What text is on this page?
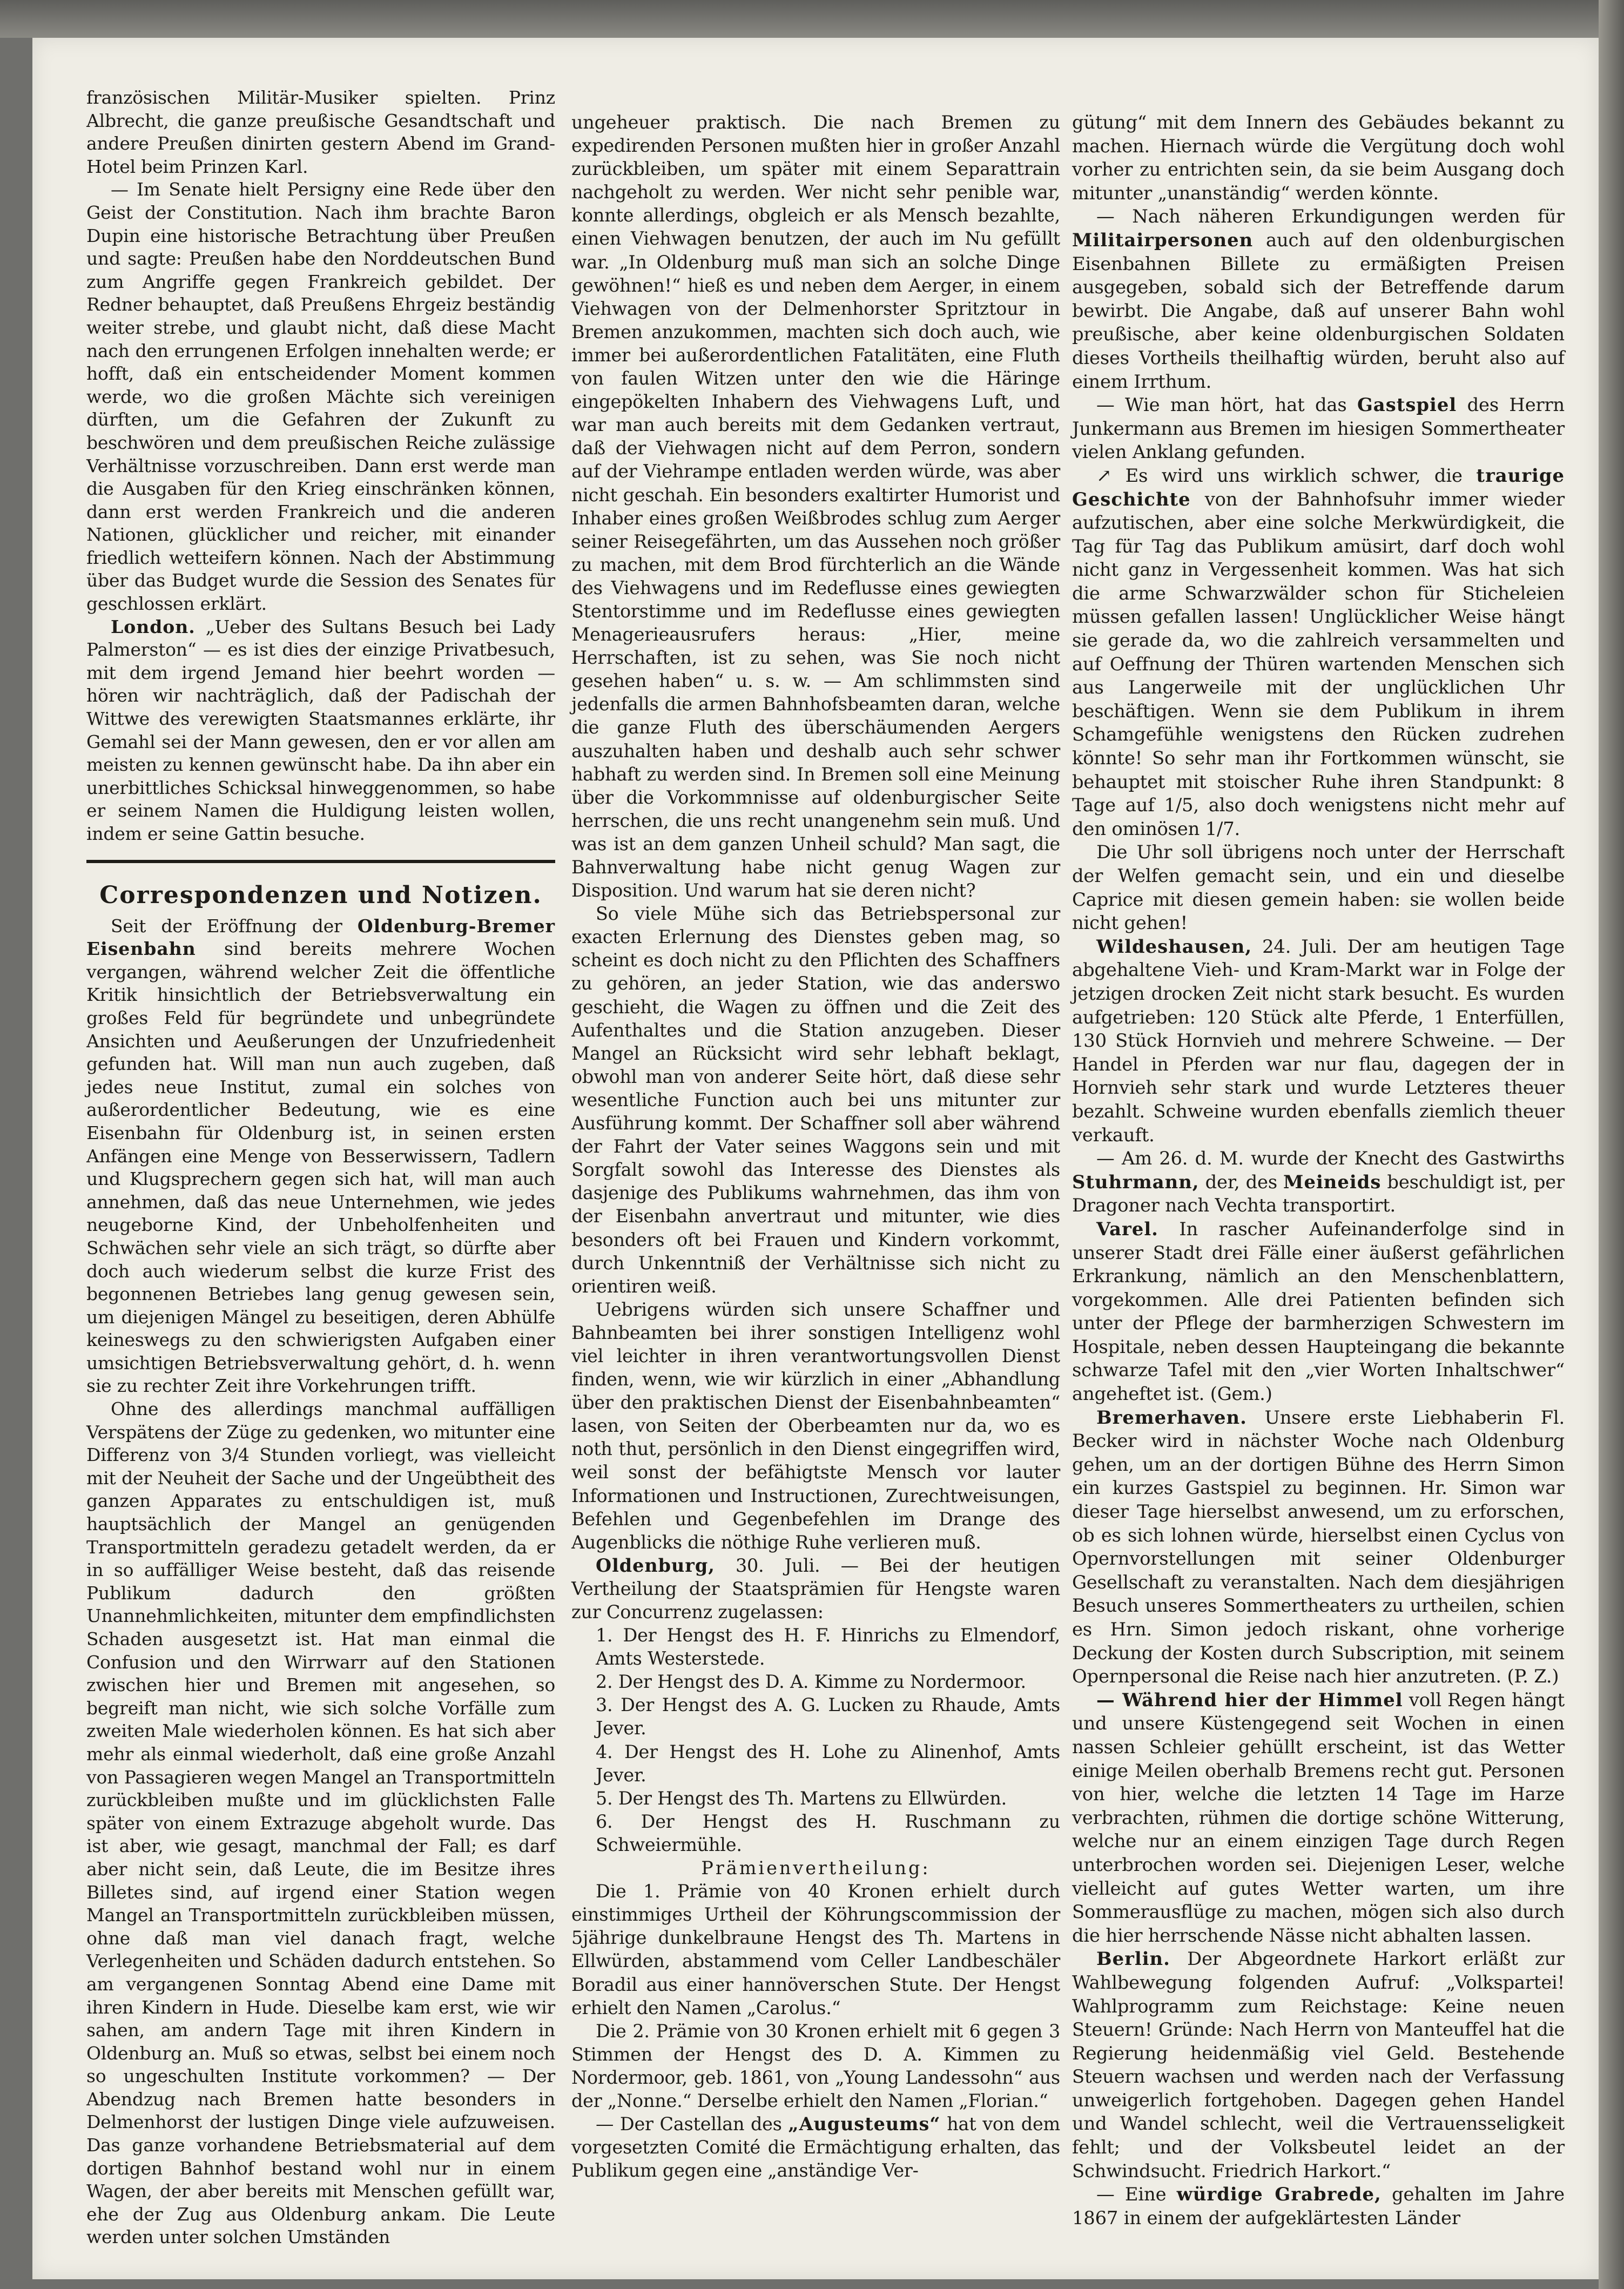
französischen Militär-Musiker spielten. Prinz Albrecht, die ganze preußische Gesandtschaft und andere Preußen dinirten gestern Abend im Grand-Hotel beim Prinzen Karl.

— Im Senate hielt Persigny eine Rede über den Geist der Constitution. Nach ihm brachte Baron Dupin eine historische Betrachtung über Preußen und sagte: Preußen habe den Norddeutschen Bund zum Angriffe gegen Frankreich gebildet. Der Redner behauptet, daß Preußens Ehrgeiz beständig weiter strebe, und glaubt nicht, daß diese Macht nach den errungenen Erfolgen innehalten werde; er hofft, daß ein entscheidender Moment kommen werde, wo die großen Mächte sich vereinigen dürften, um die Gefahren der Zukunft zu beschwören und dem preußischen Reiche zulässige Verhältnisse vorzuschreiben. Dann erst werde man die Ausgaben für den Krieg einschränken können, dann erst werden Frankreich und die anderen Nationen, glücklicher und reicher, mit einander friedlich wetteifern können. Nach der Abstimmung über das Budget wurde die Session des Senates für geschlossen erklärt.

London. „Ueber des Sultans Besuch bei Lady Palmerston“ — es ist dies der einzige Privatbesuch, mit dem irgend Jemand hier beehrt worden — hören wir nachträglich, daß der Padischah der Wittwe des verewigten Staatsmannes erklärte, ihr Gemahl sei der Mann gewesen, den er vor allen am meisten zu kennen gewünscht habe. Da ihn aber ein unerbittliches Schicksal hinweggenommen, so habe er seinem Namen die Huldigung leisten wollen, indem er seine Gattin besuche.

Correspondenzen und Notizen.

Seit der Eröffnung der Oldenburg-Bremer Eisenbahn sind bereits mehrere Wochen vergangen, während welcher Zeit die öffentliche Kritik hinsichtlich der Betriebsverwaltung ein großes Feld für begründete und unbegründete Ansichten und Aeußerungen der Unzufriedenheit gefunden hat. Will man nun auch zugeben, daß jedes neue Institut, zumal ein solches von außerordentlicher Bedeutung, wie es eine Eisenbahn für Oldenburg ist, in seinen ersten Anfängen eine Menge von Besserwissern, Tadlern und Klugsprechern gegen sich hat, will man auch annehmen, daß das neue Unternehmen, wie jedes neugeborne Kind, der Unbeholfenheiten und Schwächen sehr viele an sich trägt, so dürfte aber doch auch wiederum selbst die kurze Frist des begonnenen Betriebes lang genug gewesen sein, um diejenigen Mängel zu beseitigen, deren Abhülfe keineswegs zu den schwierigsten Aufgaben einer umsichtigen Betriebsverwaltung gehört, d. h. wenn sie zu rechter Zeit ihre Vorkehrungen trifft.

Ohne des allerdings manchmal auffälligen Verspätens der Züge zu gedenken, wo mitunter eine Differenz von 3/4 Stunden vorliegt, was vielleicht mit der Neuheit der Sache und der Ungeübtheit des ganzen Apparates zu entschuldigen ist, muß hauptsächlich der Mangel an genügenden Transportmitteln geradezu getadelt werden, da er in so auffälliger Weise besteht, daß das reisende Publikum dadurch den größten Unannehmlichkeiten, mitunter dem empfindlichsten Schaden ausgesetzt ist. Hat man einmal die Confusion und den Wirrwarr auf den Stationen zwischen hier und Bremen mit angesehen, so begreift man nicht, wie sich solche Vorfälle zum zweiten Male wiederholen können. Es hat sich aber mehr als einmal wiederholt, daß eine große Anzahl von Passagieren wegen Mangel an Transportmitteln zurückbleiben mußte und im glücklichsten Falle später von einem Extrazuge abgeholt wurde. Das ist aber, wie gesagt, manchmal der Fall; es darf aber nicht sein, daß Leute, die im Besitze ihres Billetes sind, auf irgend einer Station wegen Mangel an Transportmitteln zurückbleiben müssen, ohne daß man viel danach fragt, welche Verlegenheiten und Schäden dadurch entstehen. So am vergangenen Sonntag Abend eine Dame mit ihren Kindern in Hude. Dieselbe kam erst, wie wir sahen, am andern Tage mit ihren Kindern in Oldenburg an. Muß so etwas, selbst bei einem noch so ungeschulten Institute vorkommen? — Der Abendzug nach Bremen hatte besonders in Delmenhorst der lustigen Dinge viele aufzuweisen. Das ganze vorhandene Betriebsmaterial auf dem dortigen Bahnhof bestand wohl nur in einem Wagen, der aber bereits mit Menschen gefüllt war, ehe der Zug aus Oldenburg ankam. Die Leute werden unter solchen Umständen

ungeheuer praktisch. Die nach Bremen zu expedirenden Personen mußten hier in großer Anzahl zurückbleiben, um später mit einem Separattrain nachgeholt zu werden. Wer nicht sehr penible war, konnte allerdings, obgleich er als Mensch bezahlte, einen Viehwagen benutzen, der auch im Nu gefüllt war. „In Oldenburg muß man sich an solche Dinge gewöhnen!“ hieß es und neben dem Aerger, in einem Viehwagen von der Delmenhorster Spritztour in Bremen anzukommen, machten sich doch auch, wie immer bei außerordentlichen Fatalitäten, eine Fluth von faulen Witzen unter den wie die Häringe eingepökelten Inhabern des Viehwagens Luft, und war man auch bereits mit dem Gedanken vertraut, daß der Viehwagen nicht auf dem Perron, sondern auf der Viehrampe entladen werden würde, was aber nicht geschah. Ein besonders exaltirter Humorist und Inhaber eines großen Weißbrodes schlug zum Aerger seiner Reisegefährten, um das Aussehen noch größer zu machen, mit dem Brod fürchterlich an die Wände des Viehwagens und im Redeflusse eines gewiegten Stentorstimme und im Redeflusse eines gewiegten Menagerieausrufers heraus: „Hier, meine Herrschaften, ist zu sehen, was Sie noch nicht gesehen haben“ u. s. w. — Am schlimmsten sind jedenfalls die armen Bahnhofsbeamten daran, welche die ganze Fluth des überschäumenden Aergers auszuhalten haben und deshalb auch sehr schwer habhaft zu werden sind. In Bremen soll eine Meinung über die Vorkommnisse auf oldenburgischer Seite herrschen, die uns recht unangenehm sein muß. Und was ist an dem ganzen Unheil schuld? Man sagt, die Bahnverwaltung habe nicht genug Wagen zur Disposition. Und warum hat sie deren nicht?

So viele Mühe sich das Betriebspersonal zur exacten Erlernung des Dienstes geben mag, so scheint es doch nicht zu den Pflichten des Schaffners zu gehören, an jeder Station, wie das anderswo geschieht, die Wagen zu öffnen und die Zeit des Aufenthaltes und die Station anzugeben. Dieser Mangel an Rücksicht wird sehr lebhaft beklagt, obwohl man von anderer Seite hört, daß diese sehr wesentliche Function auch bei uns mitunter zur Ausführung kommt. Der Schaffner soll aber während der Fahrt der Vater seines Waggons sein und mit Sorgfalt sowohl das Interesse des Dienstes als dasjenige des Publikums wahrnehmen, das ihm von der Eisenbahn anvertraut und mitunter, wie dies besonders oft bei Frauen und Kindern vorkommt, durch Unkenntniß der Verhältnisse sich nicht zu orientiren weiß.

Uebrigens würden sich unsere Schaffner und Bahnbeamten bei ihrer sonstigen Intelligenz wohl viel leichter in ihren verantwortungsvollen Dienst finden, wenn, wie wir kürzlich in einer „Abhandlung über den praktischen Dienst der Eisenbahnbeamten“ lasen, von Seiten der Oberbeamten nur da, wo es noth thut, persönlich in den Dienst eingegriffen wird, weil sonst der befähigtste Mensch vor lauter Informationen und Instructionen, Zurechtweisungen, Befehlen und Gegenbefehlen im Drange des Augenblicks die nöthige Ruhe verlieren muß.

Oldenburg, 30. Juli. — Bei der heutigen Vertheilung der Staatsprämien für Hengste waren zur Concurrenz zugelassen:

1. Der Hengst des H. F. Hinrichs zu Elmendorf, Amts Westerstede.

2. Der Hengst des D. A. Kimme zu Nordermoor.

3. Der Hengst des A. G. Lucken zu Rhaude, Amts Jever.

4. Der Hengst des H. Lohe zu Alinenhof, Amts Jever.

5. Der Hengst des Th. Martens zu Ellwürden.

6. Der Hengst des H. Ruschmann zu Schweiermühle.

Prämienvertheilung:

Die 1. Prämie von 40 Kronen erhielt durch einstimmiges Urtheil der Köhrungscommission der 5jährige dunkelbraune Hengst des Th. Martens in Ellwürden, abstammend vom Celler Landbeschäler Boradil aus einer hannöverschen Stute. Der Hengst erhielt den Namen „Carolus.“

Die 2. Prämie von 30 Kronen erhielt mit 6 gegen 3 Stimmen der Hengst des D. A. Kimmen zu Nordermoor, geb. 1861, von „Young Landessohn“ aus der „Nonne.“ Derselbe erhielt den Namen „Florian.“

— Der Castellan des „Augusteums“ hat von dem vorgesetzten Comité die Ermächtigung erhalten, das Publikum gegen eine „anständige Ver-

gütung“ mit dem Innern des Gebäudes bekannt zu machen. Hiernach würde die Vergütung doch wohl vorher zu entrichten sein, da sie beim Ausgang doch mitunter „unanständig“ werden könnte.

— Nach näheren Erkundigungen werden für Militairpersonen auch auf den oldenburgischen Eisenbahnen Billete zu ermäßigten Preisen ausgegeben, sobald sich der Betreffende darum bewirbt. Die Angabe, daß auf unserer Bahn wohl preußische, aber keine oldenburgischen Soldaten dieses Vortheils theilhaftig würden, beruht also auf einem Irrthum.

— Wie man hört, hat das Gastspiel des Herrn Junkermann aus Bremen im hiesigen Sommertheater vielen Anklang gefunden.

↗ Es wird uns wirklich schwer, die traurige Geschichte von der Bahnhofsuhr immer wieder aufzutischen, aber eine solche Merkwürdigkeit, die Tag für Tag das Publikum amüsirt, darf doch wohl nicht ganz in Vergessenheit kommen. Was hat sich die arme Schwarzwälder schon für Sticheleien müssen gefallen lassen! Unglücklicher Weise hängt sie gerade da, wo die zahlreich versammelten und auf Oeffnung der Thüren wartenden Menschen sich aus Langerweile mit der unglücklichen Uhr beschäftigen. Wenn sie dem Publikum in ihrem Schamgefühle wenigstens den Rücken zudrehen könnte! So sehr man ihr Fortkommen wünscht, sie behauptet mit stoischer Ruhe ihren Standpunkt: 8 Tage auf 1/5, also doch wenigstens nicht mehr auf den ominösen 1/7.

Die Uhr soll übrigens noch unter der Herrschaft der Welfen gemacht sein, und ein und dieselbe Caprice mit diesen gemein haben: sie wollen beide nicht gehen!

Wildeshausen, 24. Juli. Der am heutigen Tage abgehaltene Vieh- und Kram-Markt war in Folge der jetzigen drocken Zeit nicht stark besucht. Es wurden aufgetrieben: 120 Stück alte Pferde, 1 Enterfüllen, 130 Stück Hornvieh und mehrere Schweine. — Der Handel in Pferden war nur flau, dagegen der in Hornvieh sehr stark und wurde Letzteres theuer bezahlt. Schweine wurden ebenfalls ziemlich theuer verkauft.

— Am 26. d. M. wurde der Knecht des Gastwirths Stuhrmann, der, des Meineids beschuldigt ist, per Dragoner nach Vechta transportirt.

Varel. In rascher Aufeinanderfolge sind in unserer Stadt drei Fälle einer äußerst gefährlichen Erkrankung, nämlich an den Menschenblattern, vorgekommen. Alle drei Patienten befinden sich unter der Pflege der barmherzigen Schwestern im Hospitale, neben dessen Haupteingang die bekannte schwarze Tafel mit den „vier Worten Inhaltschwer“ angeheftet ist. (Gem.)

Bremerhaven. Unsere erste Liebhaberin Fl. Becker wird in nächster Woche nach Oldenburg gehen, um an der dortigen Bühne des Herrn Simon ein kurzes Gastspiel zu beginnen. Hr. Simon war dieser Tage hierselbst anwesend, um zu erforschen, ob es sich lohnen würde, hierselbst einen Cyclus von Opernvorstellungen mit seiner Oldenburger Gesellschaft zu veranstalten. Nach dem diesjährigen Besuch unseres Sommertheaters zu urtheilen, schien es Hrn. Simon jedoch riskant, ohne vorherige Deckung der Kosten durch Subscription, mit seinem Opernpersonal die Reise nach hier anzutreten. (P. Z.)

— Während hier der Himmel voll Regen hängt und unsere Küstengegend seit Wochen in einen nassen Schleier gehüllt erscheint, ist das Wetter einige Meilen oberhalb Bremens recht gut. Personen von hier, welche die letzten 14 Tage im Harze verbrachten, rühmen die dortige schöne Witterung, welche nur an einem einzigen Tage durch Regen unterbrochen worden sei. Diejenigen Leser, welche vielleicht auf gutes Wetter warten, um ihre Sommerausflüge zu machen, mögen sich also durch die hier herrschende Nässe nicht abhalten lassen.

Berlin. Der Abgeordnete Harkort erläßt zur Wahlbewegung folgenden Aufruf: „Volkspartei! Wahlprogramm zum Reichstage: Keine neuen Steuern! Gründe: Nach Herrn von Manteuffel hat die Regierung heidenmäßig viel Geld. Bestehende Steuern wachsen und werden nach der Verfassung unweigerlich fortgehoben. Dagegen gehen Handel und Wandel schlecht, weil die Vertrauensseligkeit fehlt; und der Volksbeutel leidet an der Schwindsucht. Friedrich Harkort.“

— Eine würdige Grabrede, gehalten im Jahre 1867 in einem der aufgeklärtesten Länder
